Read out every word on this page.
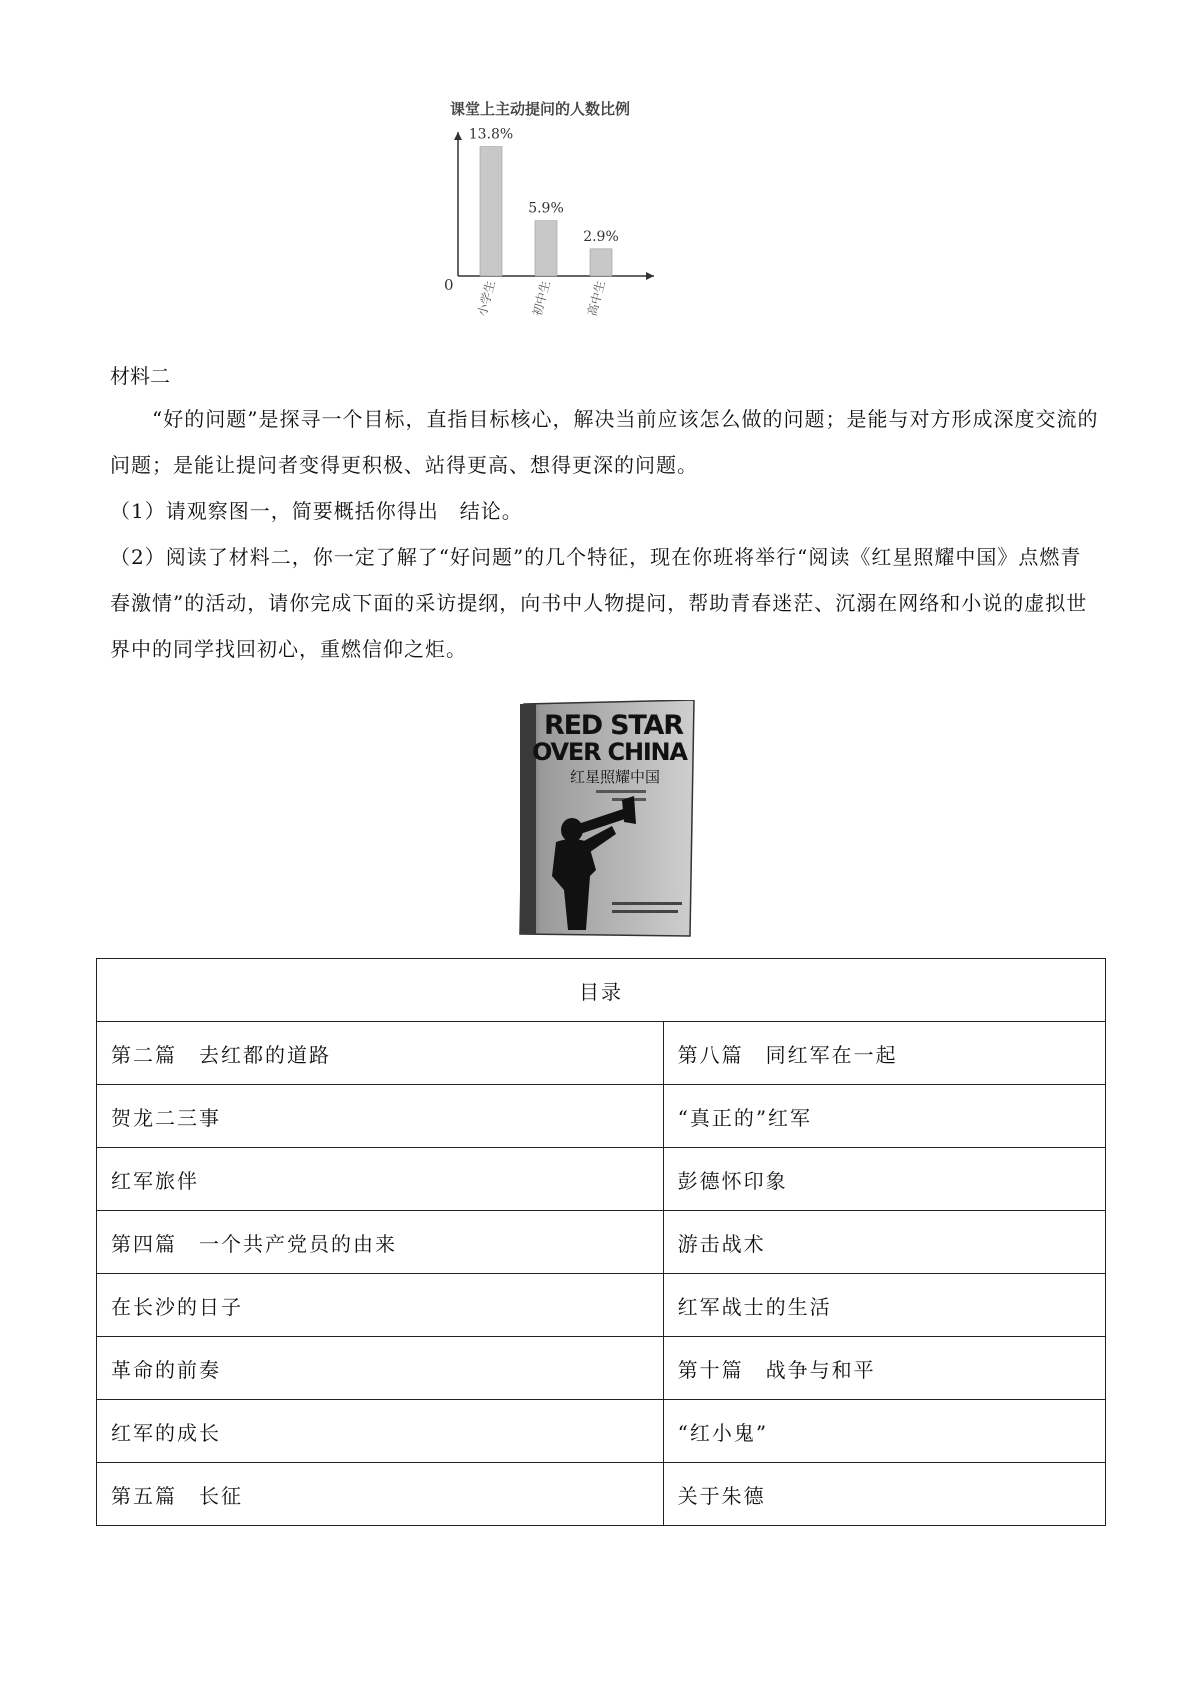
课堂上主动提问的人数比例
0
13.8%
小学生
5.9%
初中生
2.9%
高中生
材料二
“好的问题”是探寻一个目标，直指目标核心，解决当前应该怎么做的问题；是能与对方形成深度交流的问题；是能让提问者变得更积极、站得更高、想得更深的问题。
（1）请观察图一，简要概括你得出　结论。
（2）阅读了材料二，你一定了解了“好问题”的几个特征，现在你班将举行“阅读《红星照耀中国》点燃青春激情”的活动，请你完成下面的采访提纲，向书中人物提问，帮助青春迷茫、沉溺在网络和小说的虚拟世界中的同学找回初心，重燃信仰之炬。
RED STAR
OVER CHINA
红星照耀中国
目录	
第二篇　去红都的道路	第八篇　同红军在一起
贺龙二三事	“真正的”红军
红军旅伴	彭德怀印象
第四篇　一个共产党员的由来	游击战术
在长沙的日子	红军战士的生活
革命的前奏	第十篇　战争与和平
红军的成长	“红小鬼”
第五篇　长征	关于朱德
